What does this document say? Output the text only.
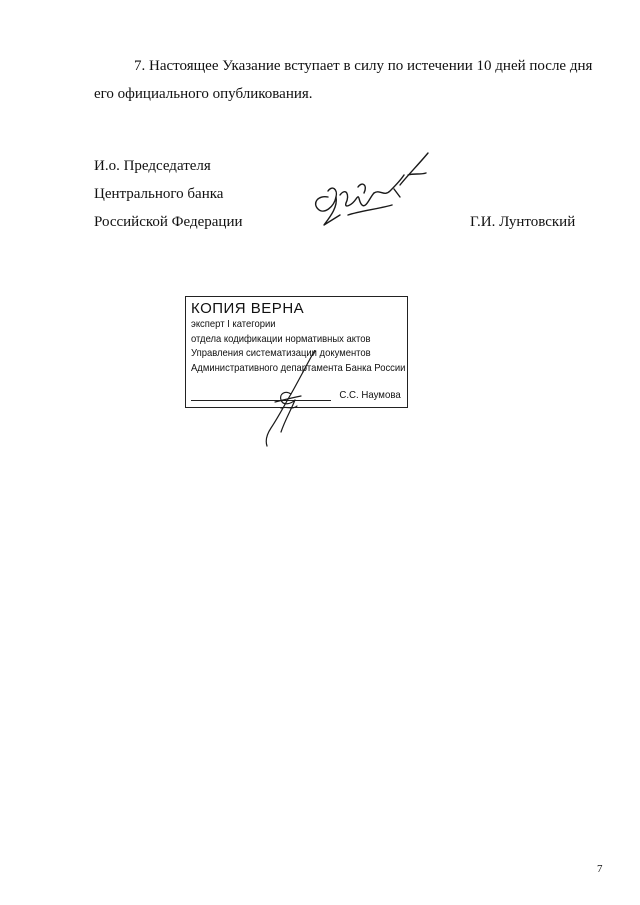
7. Настоящее Указание вступает в силу по истечении 10 дней после дня
его официального опубликования.

И.о. Председателя
Центрального банка
Российской Федерации	Г.И. Лунтовский
КОПИЯ ВЕРНА
эксперт I категории
отдела кодификации нормативных актов
Управления систематизации документов
Административного департамента Банка России
С.С. Наумова
7
